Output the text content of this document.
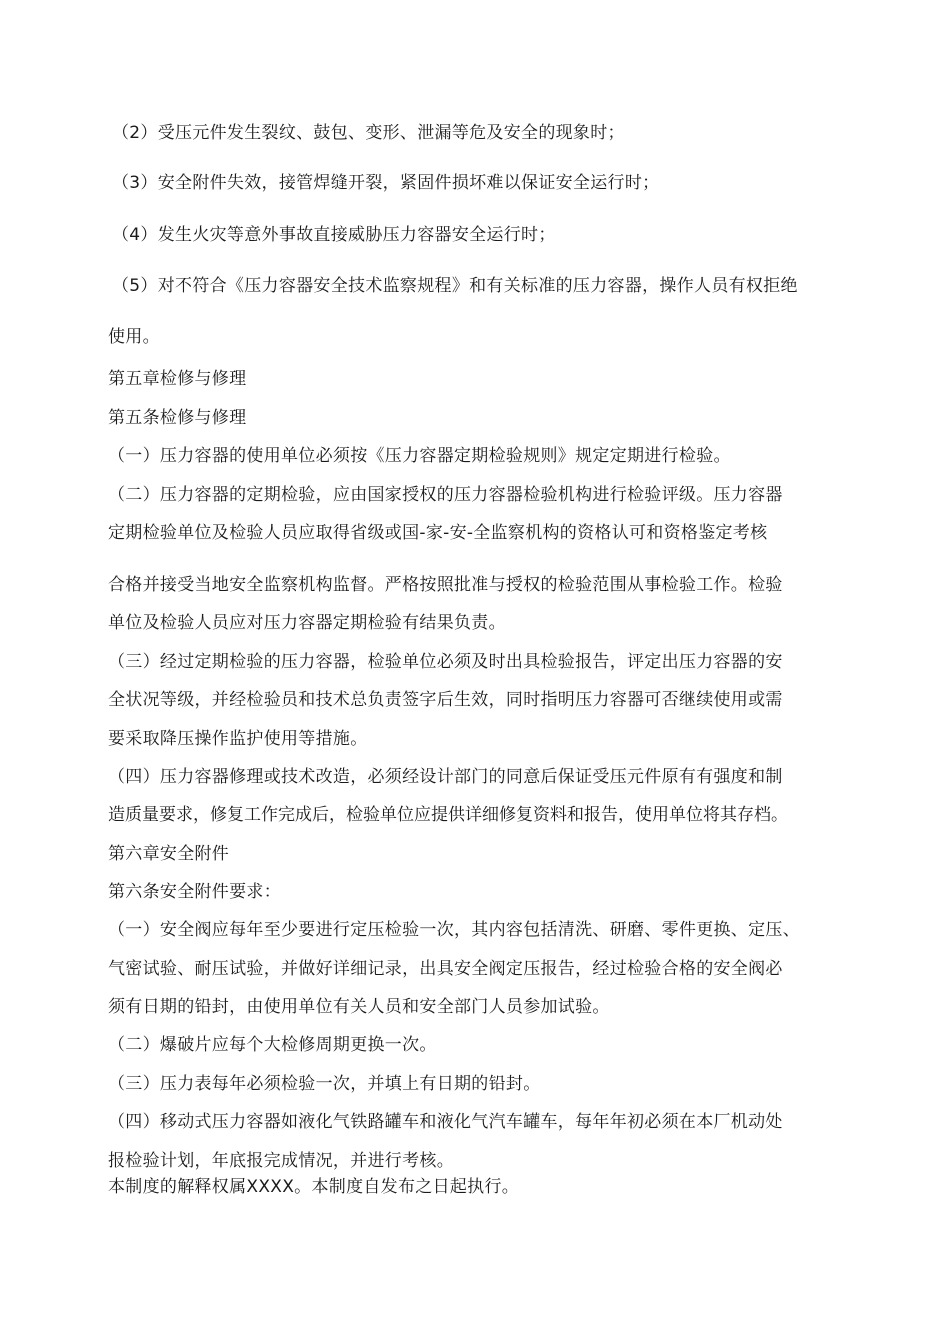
（2）受压元件发生裂纹、鼓包、变形、泄漏等危及安全的现象时；
（3）安全附件失效，接管焊缝开裂，紧固件损坏难以保证安全运行时；
（4）发生火灾等意外事故直接威胁压力容器安全运行时；
（5）对不符合《压力容器安全技术监察规程》和有关标准的压力容器，操作人员有权拒绝
使用。
第五章检修与修理
第五条检修与修理
（一）压力容器的使用单位必须按《压力容器定期检验规则》规定定期进行检验。
（二）压力容器的定期检验，应由国家授权的压力容器检验机构进行检验评级。压力容器
定期检验单位及检验人员应取得省级或国-家-安-全监察机构的资格认可和资格鉴定考核
合格并接受当地安全监察机构监督。严格按照批准与授权的检验范围从事检验工作。检验
单位及检验人员应对压力容器定期检验有结果负责。
（三）经过定期检验的压力容器，检验单位必须及时出具检验报告，评定出压力容器的安
全状况等级，并经检验员和技术总负责签字后生效，同时指明压力容器可否继续使用或需
要采取降压操作监护使用等措施。
（四）压力容器修理或技术改造，必须经设计部门的同意后保证受压元件原有有强度和制
造质量要求，修复工作完成后，检验单位应提供详细修复资料和报告，使用单位将其存档。
第六章安全附件
第六条安全附件要求：
（一）安全阀应每年至少要进行定压检验一次，其内容包括清洗、研磨、零件更换、定压、
气密试验、耐压试验，并做好详细记录，出具安全阀定压报告，经过检验合格的安全阀必
须有日期的铅封，由使用单位有关人员和安全部门人员参加试验。
（二）爆破片应每个大检修周期更换一次。
（三）压力表每年必须检验一次，并填上有日期的铅封。
（四）移动式压力容器如液化气铁路罐车和液化气汽车罐车，每年年初必须在本厂机动处
报检验计划，年底报完成情况，并进行考核。
本制度的解释权属XXXX。本制度自发布之日起执行。
